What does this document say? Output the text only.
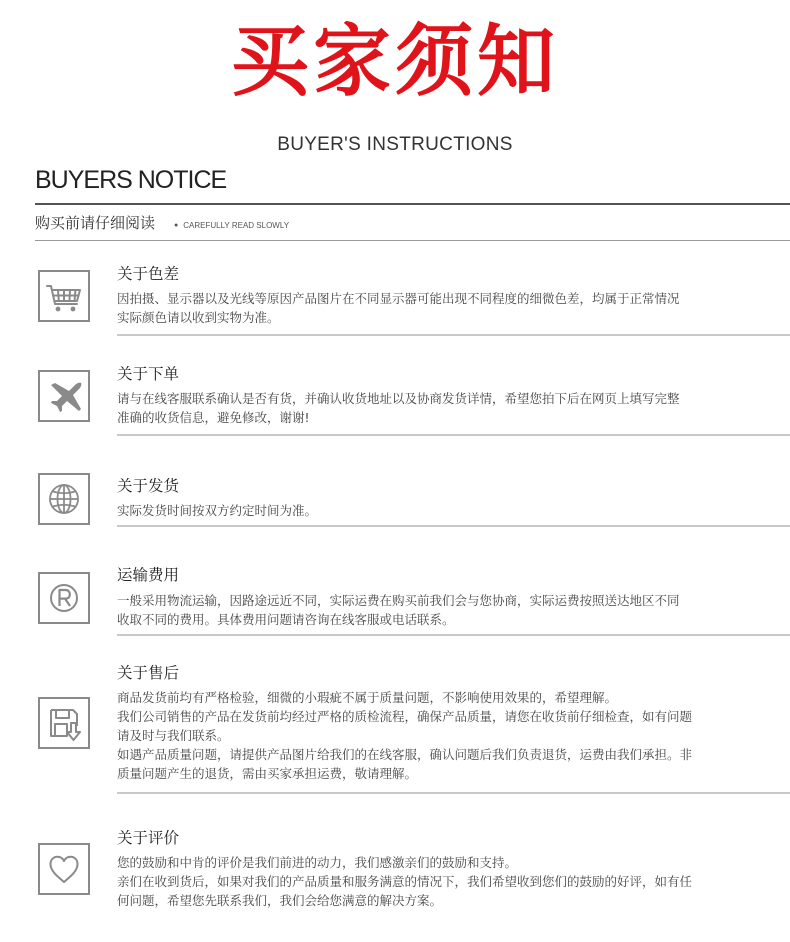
买家须知
BUYER'S INSTRUCTIONS
BUYERS NOTICE
购买前请仔细阅读
●	CAREFULLY READ SLOWLY
关于色差

因拍摄、显示器以及光线等原因产品图片在不同显示器可能出现不同程度的细微色差，均属于正常情况

实际颜色请以收到实物为准。

关于下单

请与在线客服联系确认是否有货，并确认收货地址以及协商发货详情，希望您拍下后在网页上填写完整

准确的收货信息，避免修改，谢谢!

关于发货

实际发货时间按双方约定时间为准。

运输费用

一般采用物流运输，因路途远近不同，实际运费在购买前我们会与您协商，实际运费按照送达地区不同

收取不同的费用。具体费用问题请咨询在线客服或电话联系。

关于售后

商品发货前均有严格检验，细微的小瑕疵不属于质量问题，不影响使用效果的，希望理解。

我们公司销售的产品在发货前均经过严格的质检流程，确保产品质量，请您在收货前仔细检查，如有问题

请及时与我们联系。

如遇产品质量问题，请提供产品图片给我们的在线客服，确认问题后我们负责退货，运费由我们承担。非

质量问题产生的退货，需由买家承担运费，敬请理解。

关于评价

您的鼓励和中肯的评价是我们前进的动力，我们感激亲们的鼓励和支持。

亲们在收到货后，如果对我们的产品质量和服务满意的情况下，我们希望收到您们的鼓励的好评，如有任

何问题，希望您先联系我们，我们会给您满意的解决方案。
